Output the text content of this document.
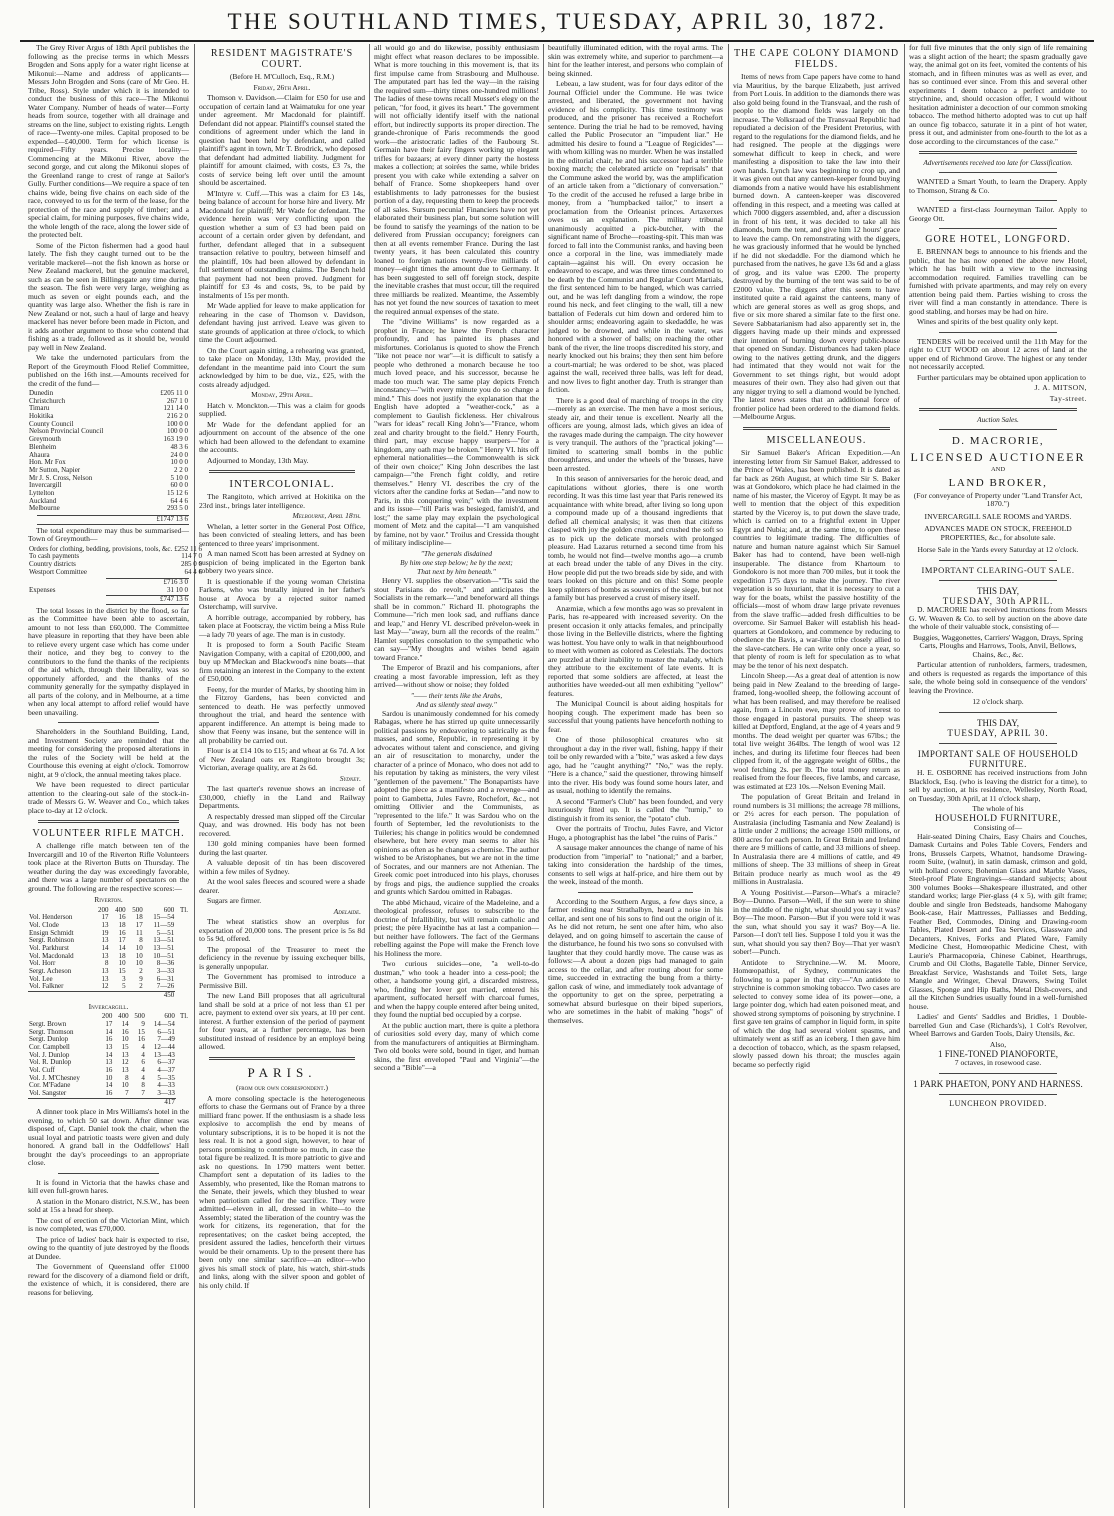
THE SOUTHLAND TIMES, TUESDAY, APRIL 30, 1872.

The Grey River Argus of 18th April publishes the following as the precise terms in which Messrs Brogden and Sons apply for a water right license at Mikonui:—Name and address of applicants—Messrs John Brogden and Sons (care of Mr Geo. H. Tribe, Ross). Style under which it is intended to conduct the business of this race—The Mikonui Water Company. Number of heads of water—Forty heads from source, together with all drainage and streams on the line, subject to existing rights. Length of race—Twenty-one miles. Capital proposed to be expended—£40,000. Term for which license is required—Fifty years. Precise locality—Commencing at the Mikonui River, above the second gorge, and cut along the Mikonui slopes of the Greenland range to crest of range at Sailor's Gully. Further conditions—We require a space of ten chains wide, being five chains on each side of the race, conveyed to us for the term of the lease, for the protection of the race and supply of timber; and a special claim, for mining purposes, five chains wide, the whole length of the race, along the lower side of the protected belt.

Some of the Picton fishermen had a good haul lately. The fish they caught turned out to be the veritable mackerel—not the fish known as horse or New Zealand mackerel, but the genuine mackerel, such as can be seen in Billingsgate any time during the season. The fish were very large, weighing as much as seven or eight pounds each, and the quantity was large also. Whether the fish is rare in New Zealand or not, such a haul of large and heavy mackerel has never before been made in Picton, and it adds another argument to those who contend that fishing as a trade, followed as it should be, would pay well in New Zealand.

We take the undernoted particulars from the Report of the Greymouth Flood Relief Committee, published on the 16th inst.—Amounts received for the credit of the fund—

Dunedin	£205 11 0
Christchurch	267 1 0
Timaru	121 14 0
Hokitika	216 2 0
County Council	100 0 0
Nelson Provincial Council	100 0 0
Greymouth	163 19 0
Blenheim	48 3 6
Ahaura	24 0 0
Hon. Mr Fox	10 0 0
Mr Sutton, Napier	2 2 0
Mr J. S. Cross, Nelson	5 10 0
Invercargill	60 0 0
Lyttelton	15 12 6
Auckland	64 4 6
Melbourne	293 5 0
	£1747 13 6

The total expenditure may thus be summarised—Town of Greymouth—

Orders for clothing, bedding, provisions, tools, &c.	£252 11 6
To cash payments	114 7 0
Country districts	285 0 0
Westport Committee	64 4 6
	£716 3 0
Expenses	31 10 0
	£747 13 6

The total losses in the district by the flood, so far as the Committee have been able to ascertain, amount to not less than £60,000. The Committee have pleasure in reporting that they have been able to relieve every urgent case which has come under their notice, and they beg to convey to the contributors to the fund the thanks of the recipients of the aid which, through their liberality, was so opportunely afforded, and the thanks of the community generally for the sympathy displayed in all parts of the colony, and in Melbourne, at a time when any local attempt to afford relief would have been unavailing.

Shareholders in the Southland Building, Land, and Investment Society are reminded that the meeting for considering the proposed alterations in the rules of the Society will be held at the Courthouse this evening at eight o'clock. Tomorrow night, at 9 o'clock, the annual meeting takes place.

We have been requested to direct particular attention to the clearing-out sale of the stock-in-trade of Messrs G. W. Weaver and Co., which takes place to-day at 12 o'clock.

VOLUNTEER RIFLE MATCH.

A challenge rifle match between ten of the Invercargill and 10 of the Riverton Rifle Volunteers took place at the Riverton Butts on Thursday. The weather during the day was exceedingly favorable, and there was a large number of spectators on the ground. The following are the respective scores:—

Riverton.
	200	400	500	600	Tl.
Vol. Henderson	17	16	18	15—54	
Vol. Clode	13	18	17	11—59	
Ensign Schmidt	19	16	11	5—51	
Sergt. Robinson	13	17	8	13—51	
Vol. Parkhurst	14	14	10	13—51	
Vol. Macdonald	13	18	10	10—51	
Vol. Horr	8	10	10	8—36	
Sergt. Acheson	13	15	2	3—33	
Vol. Lee	13	3	9	6—31	
Vol. Falkner	12	5	2	7—26	
450					
Invercargill.
	200	400	500	600	Tl.
Sergt. Brown	17	14	9	14—54	
Sergt. Thomson	14	16	15	6—51	
Sergt. Dunlop	16	10	16	7—49	
Cor. Campbell	13	15	4	12—44	
Vol. J. Dunlop	14	13	4	13—43	
Vol. R. Dunlop	13	12	6	6—37	
Vol. Cuff	16	13	4	4—37	
Vol. J. M'Chesney	10	8	4	5—35	
Cor. M'Fadane	14	10	8	4—33	
Vol. Sangster	16	7	7	3—33	
417					

A dinner took place in Mrs Williams's hotel in the evening, to which 50 sat down. After dinner was disposed of, Capt. Daniel took the chair, when the usual loyal and patriotic toasts were given and duly honored. A grand ball in the Oddfellows' Hall brought the day's proceedings to an appropriate close.

It is found in Victoria that the hawks chase and kill even full-grown hares.

A station in the Monaro district, N.S.W., has been sold at 15s a head for sheep.

The cost of erection of the Victorian Mint, which is now completed, was £70,000.

The price of ladies' back hair is expected to rise, owing to the quantity of jute destroyed by the floods at Dundee.

The Government of Queensland offer £1000 reward for the discovery of a diamond field or drift, the existence of which, it is considered, there are reasons for believing.

RESIDENT MAGISTRATE'S COURT.
(Before H. M'Culloch, Esq., R.M.)
Friday, 26th April.

Thomson v. Davidson.—Claim for £50 for use and occupation of certain land at Waimatuku for one year under agreement. Mr Macdonald for plaintiff. Defendant did not appear. Plaintiff's counsel stated the conditions of agreement under which the land in question had been held by defendant, and called plaintiff's agent in town, Mr T. Brodrick, who deposed that defendant had admitted liability. Judgment for plaintiff for amount claimed, with costs, £3 7s, the costs of service being left over until the amount should be ascertained.

M'Intyre v. Cuff.—This was a claim for £3 14s, being balance of account for horse hire and livery. Mr Macdonald for plaintiff; Mr Wade for defendant. The evidence herein was very conflicting upon the question whether a sum of £3 had been paid on account of a certain order given by defendant, and further, defendant alleged that in a subsequent transaction relative to poultry, between himself and the plaintiff, 10s had been allowed by defendant in full settlement of outstanding claims. The Bench held that payment had not been proved. Judgment for plaintiff for £3 4s and costs, 9s, to be paid by instalments of 15s per month.

Mr Wade applied for leave to make application for rehearing in the case of Thomson v. Davidson, defendant having just arrived. Leave was given to state grounds of application at three o'clock, to which time the Court adjourned.

On the Court again sitting, a rehearing was granted, to take place on Monday, 13th May, provided the defendant in the meantime paid into Court the sum acknowledged by him to be due, viz., £25, with the costs already adjudged.

Monday, 29th April.

Hatch v. Monckton.—This was a claim for goods supplied.

Mr Wade for the defendant applied for an adjournment on account of the absence of the one which had been allowed to the defendant to examine the accounts.

Adjourned to Monday, 13th May.

INTERCOLONIAL.

The Rangitoto, which arrived at Hokitika on the 23rd inst., brings later intelligence.

Melbourne, April 18th.

Whelan, a letter sorter in the General Post Office, has been convicted of stealing letters, and has been sentenced to three years' imprisonment.

A man named Scott has been arrested at Sydney on suspicion of being implicated in the Egerton bank robbery two years since.

It is questionable if the young woman Christina Farkens, who was brutally injured in her father's house at Avoca by a rejected suitor named Osterchamp, will survive.

A horrible outrage, accompanied by robbery, has taken place at Footscray, the victim being a Miss Rule—a lady 70 years of age. The man is in custody.

It is proposed to form a South Pacific Steam Navigation Company, with a capital of £200,000, and buy up M'Meckan and Blackwood's nine boats—that firm retaining an interest in the Company to the extent of £50,000.

Feeny, for the murder of Marks, by shooting him in the Fitzroy Gardens, has been convicted and sentenced to death. He was perfectly unmoved throughout the trial, and heard the sentence with apparent indifference. An attempt is being made to show that Feeny was insane, but the sentence will in all probability be carried out.

Flour is at £14 10s to £15; and wheat at 6s 7d. A lot of New Zealand oats ex Rangitoto brought 3s; Victorian, average quality, are at 2s 6d.

Sydney.

The last quarter's revenue shows an increase of £30,000, chiefly in the Land and Railway Departments.

A respectably dressed man slipped off the Circular Quay, and was drowned. His body has not been recovered.

130 gold mining companies have been formed during the last quarter.

A valuable deposit of tin has been discovered within a few miles of Sydney.

At the wool sales fleeces and scoured were a shade dearer.

Sugars are firmer.

Adelaide.

The wheat statistics show an overplus for exportation of 20,000 tons. The present price is 5s 8d to 5s 9d, offered.

The proposal of the Treasurer to meet the deficiency in the revenue by issuing exchequer bills, is generally unpopular.

The Government has promised to introduce a Permissive Bill.

The new Land Bill proposes that all agricultural land shall be sold at a price of not less than £1 per acre, payment to extend over six years, at 10 per cent. interest. A further extension of the period of payment for four years, at a further percentage, has been substituted instead of residence by an employé being allowed.

PARIS.
(from our own correspondent.)

A more consoling spectacle is the heterogeneous efforts to chase the Germans out of France by a three milliard franc power. If the enthusiasm is a shade less explosive to accomplish the end by means of voluntary subscriptions, it is to be hoped it is not the less real. It is not a good sign, however, to hear of persons promising to contribute so much, in case the total figure be realized. It is more patriotic to give and ask no questions. In 1790 matters went better. Champfort sent a deputation of its ladies to the Assembly, who presented, like the Roman matrons to the Senate, their jewels, which they blushed to wear when patriotism called for the sacrifice. They were admitted—eleven in all, dressed in white—to the Assembly; stated the liberation of the country was the work for citizens, its regeneration, that for the representatives; on the casket being accepted, the president assured the ladies, henceforth their virtues would be their ornaments. Up to the present there has been only one similar sacrifice—an editor—who gives his small stock of plate, his watch, shirt-studs and links, along with the silver spoon and goblet of his only child. If

all would go and do likewise, possibly enthusiasm might effect what reason declares to be impossible. What is more touching in this movement is, that its first impulse came from Strasbourg and Mulhouse. The amputated part has led the way—in the raising the required sum—thirty times one-hundred millions! The ladies of these towns recall Musset's elegy on the pelican, "for food, it gives its heart." The government will not officially identify itself with the national effort, but indirectly supports its proper direction. The grande-chronique of Paris recommends the good work—the aristocratic ladies of the Faubourg St. Germain have their fairy fingers working up elegant trifles for bazaars; at every dinner party the hostess makes a collection; at soirées the same, while brides present you with cake while extending a salver on behalf of France. Some shopkeepers hand over establishments to lady patronesses for the busiest portion of a day, requesting them to keep the proceeds of all sales. Sursum pecunia! Financiers have not yet elaborated their business plan, but some solution will be found to satisfy the yearnings of the nation to be delivered from Prussian occupancy; foreigners can then at all events remember France. During the last twenty years, it has been calculated this country loaned to foreign nations twenty-five milliards of money—eight times the amount due to Germany. It has been suggested to sell off foreign stock, despite the inevitable crashes that must occur, till the required three milliards be realized. Meantime, the Assembly has not yet found the new sources of taxation to meet the required annual expenses of the state.

The "divine Williams" is now regarded as a prophet in France; he knew the French character profoundly, and has painted its phases and misfortunes. Coriolanus is quoted to show the French "like not peace nor war"—it is difficult to satisfy a people who dethroned a monarch because he too much loved peace, and his successor, because he made too much war. The same play depicts French inconstancy—"with every minute you do so change a mind." This does not justify the explanation that the English have adopted a "weather-cock," as a complement to Gaulish fickleness. Her chivalrous "wars for ideas" recall King John's—"France, whom zeal and charity brought to the field." Henry Fourth, third part, may excuse happy usurpers—"for a kingdom, any oath may be broken." Henry VI. hits off ephemeral nationalities—the Commonwealth is sick of their own choice;" King John describes the last campaign—"the French fight coldly, and retire themselves." Henry VI. describes the cry of the victors after the candine forks at Sedan—"and now to Paris, in this conquering vein;" with the investment and its issue—"till Paris was besieged, famish'd, and lost;" the same play may explain the psychological moment of Metz and the capital—"I am vanquished by famine, not by vaor." Troilus and Cressida thought of military indiscipline—

"The generals disdained
By him one step below; he by the next;
That next by him beneath."

Henry VI. supplies the observation—"'Tis said the stout Parisians do revolt," and anticipates the Socialists in the remark—"and beneforward all things shall be in common." Richard II. photographs the Commune—"rich men look sad, and ruffians dance and leap," and Henry VI. described prévelon-week in last May—"away, burn all the records of the realm." Hamlet supplies consolation to the sympathetic who can say—"My thoughts and wishes bend again toward France."

The Emperor of Brazil and his companions, after creating a most favorable impression, left as they arrived—without show or noise; they folded

"—— their tents like the Arabs,
And as silently steal away."

Sardou is unanimously condemned for his comedy Rabagas, where he has stirred up quite unnecessarily political passions by endeavoring to satirically as the masses, and some, Republic, in representing it by advocates without talent and conscience, and giving an air of resuscitation to monarchy, under the character of a prince of Monaco, who does not add to his reputation by taking as ministers, the very vilest "gentlemen of the pavement." The Bonapartists have adopted the piece as a manifesto and a revenge—and point to Gambetta, Jules Favre, Rochefort, &c., not omitting Ollivier and the Communists, as "represented to the life." It was Sardou who on the fourth of September, led the revolutionists to the Tuileries; his change in politics would be condemned elsewhere, but here every man seems to alter his opinions as often as he changes a chemise. The author wished to be Aristophanes, but we are not in the time of Socrates, and our manners are not Athenian. The Greek comic poet introduced into his plays, choruses by frogs and pigs, the audience supplied the croaks and grunts which Sardou omitted in Rabagas.

The abbé Michaud, vicaire of the Madeleine, and a theological professor, refuses to subscribe to the doctrine of Infallibility, but will remain catholic and priest; the père Hyacinthe has at last a companion—but neither have followers. The fact of the Germans rebelling against the Pope will make the French love his Holiness the more.

Two curious suicides—one, "a well-to-do dustman," who took a header into a cess-pool; the other, a handsome young girl, a discarded mistress, who, finding her lover got married, entered his apartment, suffocated herself with charcoal fumes, and when the happy couple entered after being united, they found the nuptial bed occupied by a corpse.

At the public auction mart, there is quite a plethora of curiosities sold every day, many of which come from the manufacturers of antiquities at Birmingham. Two old books were sold, bound in tiger, and human skins, the first enveloped "Paul and Virginia"—the second a "Bible"—a

beautifully illuminated edition, with the royal arms. The skin was extremely white, and superior to parchment—a hint for the leather interest, and persons who complain of being skinned.

Lebeau, a law student, was for four days editor of the Journal Officiel under the Commune. He was twice arrested, and liberated, the government not having evidence of his complicity. This time testimony was produced, and the prisoner has received a Rochefort sentence. During the trial he had to be removed, having called the Public Prosecutor an "impudent liar." He admitted his desire to found a "League of Regicides"—with whom killing was no murder. When he was installed in the editorial chair, he and his successor had a terrible boxing match; the celebrated article on "reprisals" that the Commune asked the world by, was the amplification of an article taken from a "dictionary of conversation." To the credit of the accused he refused a large bribe in money, from a "humpbacked tailor," to insert a proclamation from the Orleanist princes. Artaxerxes owes us an explanation. The military tribunal unanimously acquitted a pick-butcher, with the significant name of Broche—roasting-spit. This man was forced to fall into the Communist ranks, and having been once a corporal in the line, was immediately made captain—against his will. On every occasion he endeavored to escape, and was three times condemned to be death by the Communist and Regular Court Martials, the first sentenced him to be hanged, which was carried out, and he was left dangling from a window, the rope round his neck, and feet clinging to the wall, till a new battalion of Federals cut him down and ordered him to shoulder arms; endeavoring again to skedaddle, he was judged to be drowned, and while in the water, was honored with a shower of balls; on reaching the other bank of the river, the line troops discredited his story, and nearly knocked out his brains; they then sent him before a court-martial; he was ordered to be shot, was placed against the wall, received three balls, was left for dead, and now lives to fight another day. Truth is stranger than fiction.

There is a good deal of marching of troops in the city—merely as an exercise. The men have a most serious, steady air, and their tenue is excellent. Nearly all the officers are young, almost lads, which gives an idea of the ravages made during the campaign. The city however is very tranquil. The authors of the "practical joking"—limited to scattering small bombs in the public thoroughfares, and under the wheels of the 'busses, have been arrested.

In this season of anniversaries for the heroic dead, and capitulations without glories, there is one worth recording. It was this time last year that Paris renewed its acquaintance with white bread, after living so long upon a compound made up of a thousand ingredients that defied all chemical analysis; it was then that citizens clasped with joy the golden crust, and crushed the soft so as to pick up the delicate morsels with prolonged pleasure. Had Lazarus returned a second time from his tomb, he would not find—twelve months ago—a crumb at each bread under the table of any Dives in the city. How people did put the two breads side by side, and with tears looked on this picture and on this! Some people keep splinters of bombs as souvenirs of the siege, but not a family but has preserved a crust of misery itself.

Anæmiæ, which a few months ago was so prevalent in Paris, has re-appeared with increased severity. On the present occasion it only attacks females, and principally those living in the Belleville districts, where the fighting was hottest. You have only to walk in that neighbourhood to meet with women as colored as Celestials. The doctors are puzzled at their inability to master the malady, which they attribute to the excitement of late events. It is reported that some soldiers are affected, at least the authorities have weeded-out all men exhibiting "yellow" features.

The Municipal Council is about aiding hospitals for hooping cough. The experiment made has been so successful that young patients have henceforth nothing to fear.

One of those philosophical creatures who sit throughout a day in the river wall, fishing, happy if their toil be only rewarded with a "bite," was asked a few days ago, had he "caught anything?" "No," was the reply. "Here is a chance," said the questioner, throwing himself into the river. His body was found some hours later, and as usual, nothing to identify the remains.

A second "Farmer's Club" has been founded, and very luxuriously fitted up. It is called the "turnip," to distinguish it from its senior, the "potato" club.

Over the portraits of Trochu, Jules Favre, and Victor Hugo, a photographist has the label "the ruins of Paris."

A sausage maker announces the change of name of his production from "imperial" to "national;" and a barber, taking into consideration the hardship of the times, consents to sell wigs at half-price, and hire them out by the week, instead of the month.

According to the Southern Argus, a few days since, a farmer residing near Strathalbyn, heard a noise in his cellar, and sent one of his sons to find out the origin of it. As he did not return, he sent one after him, who also delayed, and on going himself to ascertain the cause of the disturbance, he found his two sons so convulsed with laughter that they could hardly move. The cause was as follows:—A about a dozen pigs had managed to gain access to the cellar, and after routing about for some time, succeeded in extracting the bung from a thirty-gallon cask of wine, and immediately took advantage of the opportunity to get on the spree, perpetrating a somewhat absurd burlesque on their biped superiors, who are sometimes in the habit of making "hogs" of themselves.

THE CAPE COLONY DIAMOND FIELDS.

Items of news from Cape papers have come to hand via Mauritius, by the barque Elizabeth, just arrived from Port Louis. In addition to the diamonds there was also gold being found in the Transvaal, and the rush of people to the diamond fields was largely on the increase. The Volksraad of the Transvaal Republic had repudiated a decision of the President Pretorius, with regard to the regulations for the diamond fields, and he had resigned. The people at the diggings were somewhat difficult to keep in check, and were manifesting a disposition to take the law into their own hands. Lynch law was beginning to crop up, and it was given out that any canteen-keeper found buying diamonds from a native would have his establishment burned down. A canteen-keeper was discovered offending in this respect, and a meeting was called at which 7000 diggers assembled, and, after a discussion in front of his tent, it was decided to take all his diamonds, burn the tent, and give him 12 hours' grace to leave the camp. On remonstrating with the diggers, he was graciously informed that he would be lynched if he did not skedaddle. For the diamond which he purchased from the natives, he gave 13s 6d and a glass of grog, and its value was £200. The property destroyed by the burning of the tent was said to be of £2000 value. The diggers after this seem to have instituted quite a raid against the canteens, many of which are general stores as well as grog shops, and five or six more shared a similar fate to the first one. Severe Sabbatarianism had also apparently set in, the diggers having made up their minds and expressed their intention of burning down every public-house that opened on Sunday. Disturbances had taken place owing to the natives getting drunk, and the diggers had intimated that they would not wait for the Government to set things right, but would adopt measures of their own. They also had given out that any nigger trying to sell a diamond would be lynched. The latest news states that an additional force of frontier police had been ordered to the diamond fields.—Melbourne Argus.

MISCELLANEOUS.

Sir Samuel Baker's African Expedition.—An interesting letter from Sir Samuel Baker, addressed to the Prince of Wales, has been published. It is dated as far back as 26th August, at which time Sir S. Baker was at Gondokoro, which place he had claimed in the name of his master, the Viceroy of Egypt. It may be as well to mention that the object of this expedition started by the Viceroy is, to put down the slave trade, which is carried on to a frightful extent in Upper Egypt and Nubia; and, at the same time, to open these countries to legitimate trading. The difficulties of nature and human nature against which Sir Samuel Baker has had to contend, have been well-nigh insuperable. The distance from Khartoum to Gondokoro is not more than 700 miles, but it took the expedition 175 days to make the journey. The river vegetation is so luxuriant, that it is necessary to cut a way for the boats, whilst the passive hostility of the officials—most of whom draw large private revenues from the slave traffic—added fresh difficulties to be overcome. Sir Samuel Baker will establish his head-quarters at Gondokoro, and commence by reducing to obedience the Bavis, a war-like tribe closely allied to the slave-catchers. He can write only once a year, so that plenty of room is left for speculation as to what may be the tenor of his next despatch.

Lincoln Sheep.—As a great deal of attention is now being paid in New Zealand to the breeding of large-framed, long-woolled sheep, the following account of what has been realised, and may therefore be realised again, from a Lincoln ewe, may prove of interest to those engaged in pastoral pursuits. The sheep was killed at Deptford, England, at the age of 4 years and 9 months. The dead weight per quarter was 67lbs.; the total live weight 364lbs. The length of wool was 12 inches, and during its lifetime four fleeces had been clipped from it, of the aggregate weight of 60lbs., the wool fetching 2s. per lb. The total money return as realised from the four fleeces, five lambs, and carcase, was estimated at £23 10s.—Nelson Evening Mail.

The population of Great Britain and Ireland in round numbers is 31 millions; the acreage 78 millions, or 2½ acres for each person. The population of Australasia (including Tasmania and New Zealand) is a little under 2 millions; the acreage 1500 millions, or 800 acres for each person. In Great Britain and Ireland there are 9 millions of cattle, and 33 millions of sheep. In Australasia there are 4 millions of cattle, and 49 millions of sheep. The 33 millions of sheep in Great Britain produce nearly as much wool as the 49 millions in Australasia.

A Young Positivist.—Parson—What's a miracle? Boy—Dunno. Parson—Well, if the sun were to shine in the middle of the night, what should you say it was? Boy—The moon. Parson—But if you were told it was the sun, what should you say it was? Boy—A lie. Parson—I don't tell lies. Suppose I told you it was the sun, what should you say then? Boy—That yer wasn't sober!—Punch.

Antidote to Strychnine.—W. M. Moore, Homœopathist, of Sydney, communicates the following to a paper in that city:—"An antidote to strychnine is common smoking tobacco. Two cases are selected to convey some idea of its power—one, a large pointer dog, which had eaten poisoned meat, and showed strong symptoms of poisoning by strychnine. I first gave ten grains of camphor in liquid form, in spite of which the dog had several violent spasms, and ultimately went as stiff as an iceberg. I then gave him a decoction of tobacco, which, as the spasm relapsed, slowly passed down his throat; the muscles again became so perfectly rigid

for full five minutes that the only sign of life remaining was a slight action of the heart; the spasm gradually gave way, the animal got on its feet, vomited the contents of his stomach, and in fifteen minutes was as well as ever, and has so continued ever since. From this and several other experiments I deem tobacco a perfect antidote to strychnine, and, should occasion offer, I would without hesitation administer a decoction of our common smoking tobacco. The method hitherto adopted was to cut up half an ounce fig tobacco, saturate it in a pint of hot water, press it out, and administer from one-fourth to the lot as a dose according to the circumstances of the case."

Advertisements received too late for Classification.

WANTED a Smart Youth, to learn the Drapery. Apply to Thomson, Strang & Co.

WANTED a first-class Journeyman Tailor. Apply to George Ott.

GORE HOTEL, LONGFORD.

E. BRENNAN begs to announce to his friends and the public, that he has now opened the above new Hotel, which he has built with a view to the increasing accommodation required. Families travelling can be furnished with private apartments, and may rely on every attention being paid them. Parties wishing to cross the river will find a man constantly in attendance. There is good stabling, and horses may be had on hire.

Wines and spirits of the best quality only kept.

TENDERS will be received until the 11th May for the right to CUT WOOD on about 12 acres of land at the upper end of Richmond Grove. The highest or any tender not necessarily accepted.

Further particulars may be obtained upon application to

J. A. MITSON,
Tay-street.
Auction Sales.
D. MACRORIE,
LICENSED AUCTIONEER
AND
LAND BROKER,
(For conveyance of Property under "Land Transfer Act, 1870.")
INVERCARGILL SALE ROOMS and YARDS.
ADVANCES MADE ON STOCK, FREEHOLD PROPERTIES, &c., for absolute sale.
Horse Sale in the Yards every Saturday at 12 o'clock.
IMPORTANT CLEARING-OUT SALE.
THIS DAY,
TUESDAY, 30th APRIL.

D. MACRORIE has received instructions from Messrs G. W. Weaven & Co. to sell by auction on the above date the whole of their valuable stock, consisting of—

Buggies, Waggonettes, Carriers' Waggon, Drays, Spring Carts, Ploughs and Harrows, Tools, Anvil, Bellows, Chains, &c., &c.

Particular attention of runholders, farmers, tradesmen, and others is requested as regards the importance of this sale, the whole being sold in consequence of the vendors' leaving the Province.

12 o'clock sharp.
THIS DAY,
TUESDAY, APRIL 30.
IMPORTANT SALE OF HOUSEHOLD FURNITURE.

H. E. OSBORNE has received instructions from John Blacklock, Esq. (who is leaving the district for a time), to sell by auction, at his residence, Wellesley, North Road, on Tuesday, 30th April, at 11 o'clock sharp,

The whole of his
HOUSEHOLD FURNITURE,
Consisting of—

Hair-seated Dining Chairs, Easy Chairs and Couches, Damask Curtains and Poles Table Covers, Fenders and Irons, Brussels Carpets, Whatnot, handsome Drawing-room Suite, (walnut), in satin damask, crimson and gold, with holland covers; Bohemian Glass and Marble Vases, Steel-proof Plate Engravings—standard subjects; about 300 volumes Books—Shakespeare illustrated, and other standard works; large Pier-glass (4 x 5), with gilt frame; double and single Iron Bedsteads, handsome Mahogany Book-case, Hair Mattresses, Palliasses and Bedding, Feather Bed, Commodes, Dining and Drawing-room Tables, Plated Desert and Tea Services, Glassware and Decanters, Knives, Forks and Plated Ware, Family Medicine Chest, Homœopathic Medicine Chest, with Laurie's Pharmacopœia, Chinese Cabinet, Hearthrugs, Crumb and Oil Cloths, Bagatelle Table, Dinner Service, Breakfast Service, Washstands and Toilet Sets, large Mangle and Wringer, Cheval Drawers, Swing Toilet Glasses, Sponge and Hip Baths, Metal Dish-covers, and all the Kitchen Sundries usually found in a well-furnished house.

Ladies' and Gents' Saddles and Bridles, 1 Double-barrelled Gun and Case (Richards's), 1 Colt's Revolver, Wheel Barrows and Garden Tools, Dairy Utensils, &c.

Also,
1 FINE-TONED PIANOFORTE,
7 octaves, in rosewood case.
1 PARK PHAETON, PONY AND HARNESS.
LUNCHEON PROVIDED.
